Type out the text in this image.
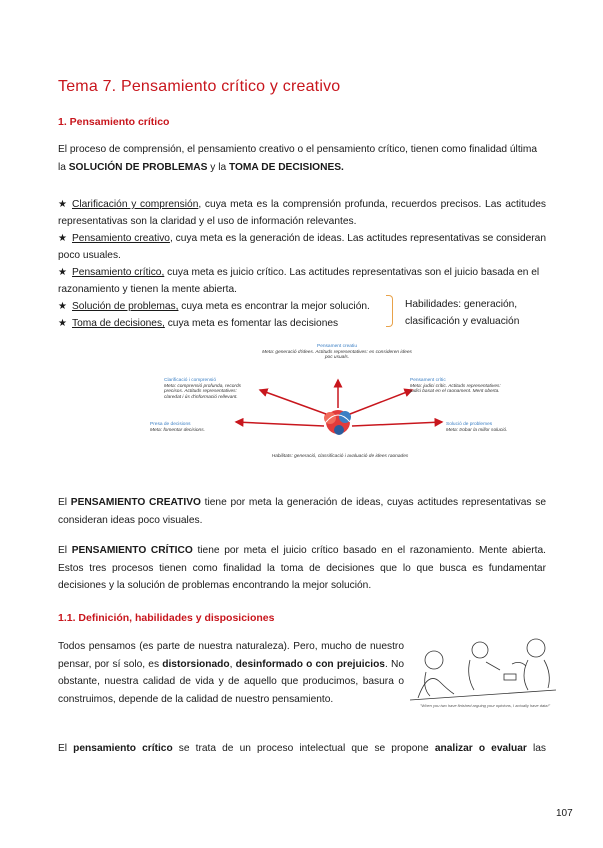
Tema 7. Pensamiento crítico y creativo
1. Pensamiento crítico

El proceso de comprensión, el pensamiento creativo o el pensamiento crítico, tienen como finalidad última la SOLUCIÓN DE PROBLEMAS y la TOMA DE DECISIONES.

★ Clarificación y comprensión, cuya meta es la comprensión profunda, recuerdos precisos. Las actitudes representativas son la claridad y el uso de información relevantes.
★ Pensamiento creativo, cuya meta es la generación de ideas. Las actitudes representativas se consideran poco usuales.
★ Pensamiento crítico, cuya meta es juicio crítico. Las actitudes representativas son el juicio basada en el razonamiento y tienen la mente abierta.
★ Solución de problemas, cuya meta es encontrar la mejor solución.
★ Toma de decisiones, cuya meta es fomentar las decisiones
Habilidades: generación, clasificación y evaluación
Pensament creatiu
Meta: generació d'idees. Actituds representatives: es consideren idees poc usuals.
Clarificació i comprensió
Meta: comprensió profunda, records precisos. Actituds representatives: claredat i ús d'informació rellevant.
Pensament crític
Meta: judici crític. Actituds representatives: judici basat en el raonament. Ment oberta.
Presa de decisions
Meta: fomentar decisions.
Solució de problemes
Meta: trobar la millor solució.
Habilitats: generació, classificació i avaluació de idees raonades

El PENSAMIENTO CREATIVO tiene por meta la generación de ideas, cuyas actitudes representativas se consideran ideas poco visuales.

El PENSAMIENTO CRÍTICO tiene por meta el juicio crítico basado en el razonamiento. Mente abierta. Estos tres procesos tienen como finalidad la toma de decisiones que lo que busca es fundamentar decisiones y la solución de problemas encontrando la mejor solución.

1.1. Definición, habilidades y disposiciones

Todos pensamos (es parte de nuestra naturaleza). Pero, mucho de nuestro pensar, por sí solo, es distorsionado, desinformado o con prejuicios. No obstante, nuestra calidad de vida y de aquello que producimos, basura o construimos, depende de la calidad de nuestro pensamiento.

"When you two have finished arguing your opinions, I actually have data!"

El pensamiento crítico se trata de un proceso intelectual que se propone analizar o evaluar las

107
